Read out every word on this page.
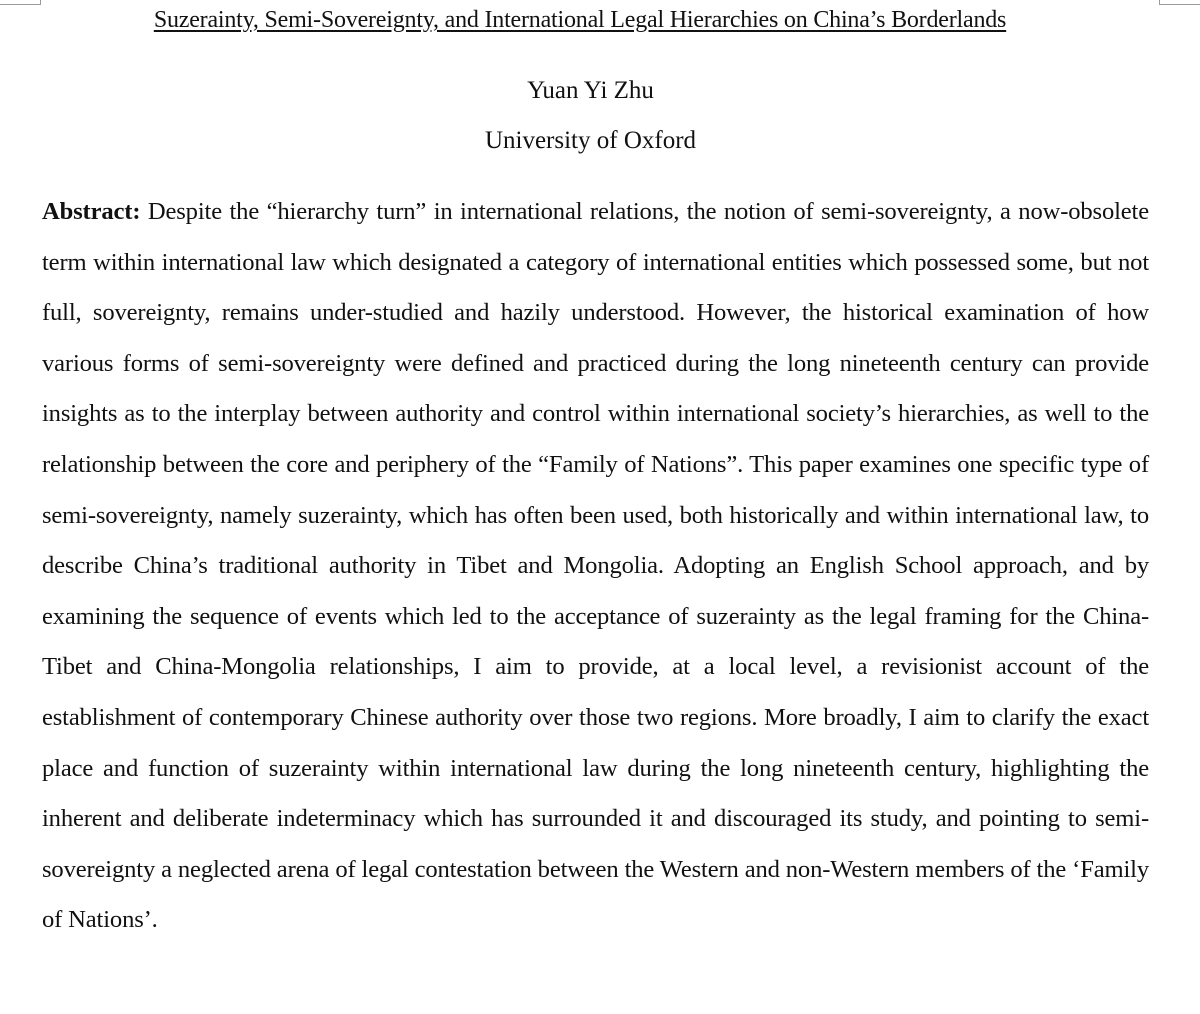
Suzerainty, Semi-Sovereignty, and International Legal Hierarchies on China’s Borderlands

Yuan Yi Zhu

University of Oxford

Abstract: Despite the “hierarchy turn” in international relations, the notion of semi-sovereignty, a now-obsolete term within international law which designated a category of international entities which possessed some, but not full, sovereignty, remains under-studied and hazily understood. However, the historical examination of how various forms of semi-sovereignty were defined and practiced during the long nineteenth century can provide insights as to the interplay between authority and control within international society’s hierarchies, as well to the relationship between the core and periphery of the “Family of Nations”. This paper examines one specific type of semi-sovereignty, namely suzerainty, which has often been used, both historically and within international law, to describe China’s traditional authority in Tibet and Mongolia. Adopting an English School approach, and by examining the sequence of events which led to the acceptance of suzerainty as the legal framing for the China-Tibet and China-Mongolia relationships, I aim to provide, at a local level, a revisionist account of the establishment of contemporary Chinese authority over those two regions. More broadly, I aim to clarify the exact place and function of suzerainty within international law during the long nineteenth century, highlighting the inherent and deliberate indeterminacy which has surrounded it and discouraged its study, and pointing to semi-sovereignty a neglected arena of legal contestation between the Western and non-Western members of the ‘Family of Nations’.
